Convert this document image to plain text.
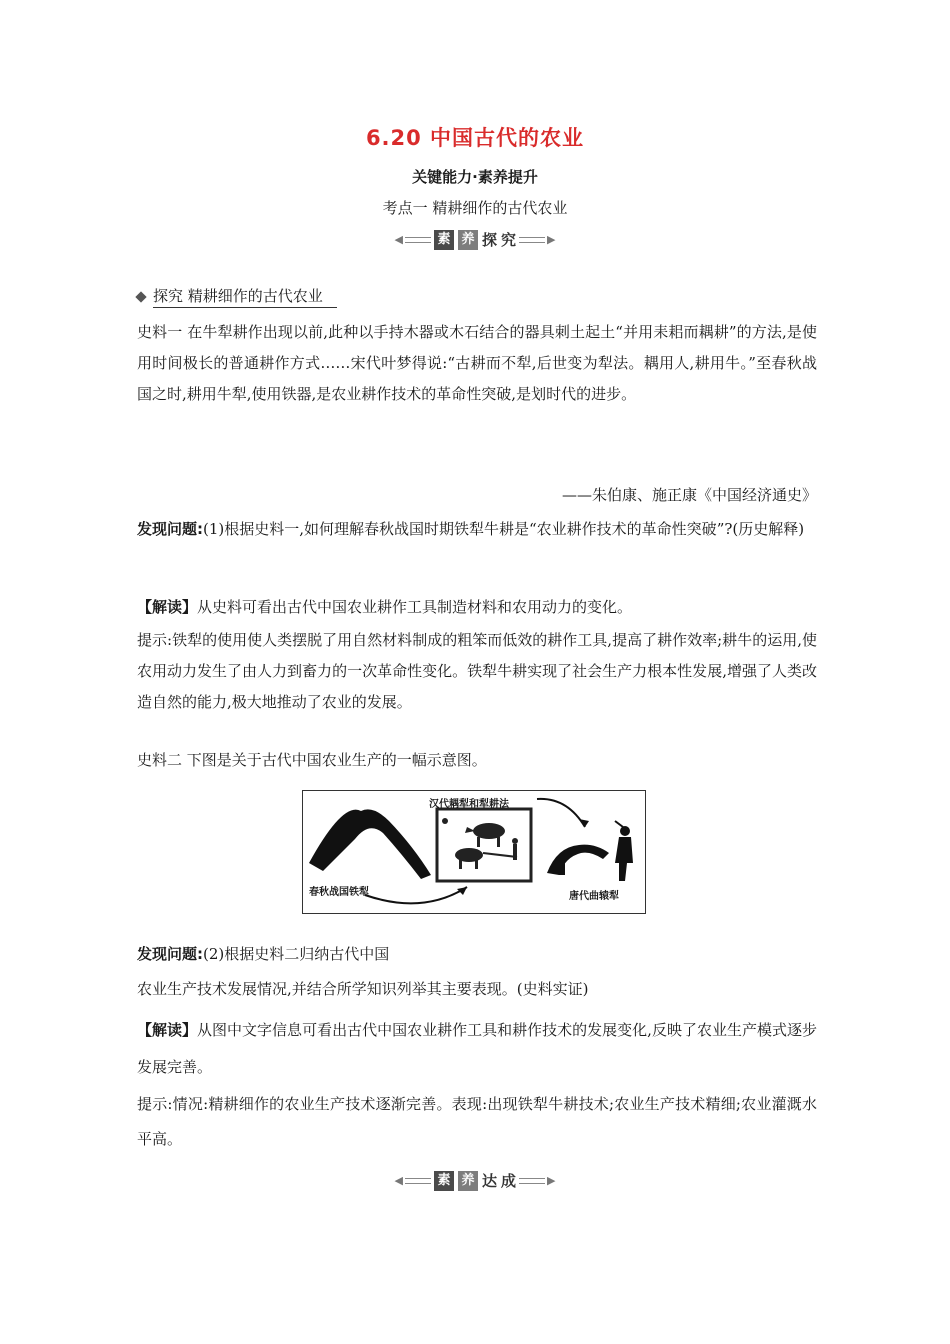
6.20 中国古代的农业
关键能力·素养提升
考点一 精耕细作的古代农业
◀	素 养 探 究	▶
探究 精耕细作的古代农业
史料一 在牛犁耕作出现以前,此种以手持木器或木石结合的器具刺土起土“并用耒耜而耦耕”的方法,是使用时间极长的普通耕作方式……宋代叶梦得说:“古耕而不犁,后世变为犁法。耦用人,耕用牛。”至春秋战国之时,耕用牛犁,使用铁器,是农业耕作技术的革命性突破,是划时代的进步。
——朱伯康、施正康《中国经济通史》
发现问题:(1)根据史料一,如何理解春秋战国时期铁犁牛耕是“农业耕作技术的革命性突破”?(历史解释)
【解读】从史料可看出古代中国农业耕作工具制造材料和农用动力的变化。
提示:铁犁的使用使人类摆脱了用自然材料制成的粗笨而低效的耕作工具,提高了耕作效率;耕牛的运用,使农用动力发生了由人力到畜力的一次革命性变化。铁犁牛耕实现了社会生产力根本性发展,增强了人类改造自然的能力,极大地推动了农业的发展。
史料二 下图是关于古代中国农业生产的一幅示意图。
汉代耦犁和犁耕法
春秋战国铁犁	唐代曲辕犁
发现问题:(2)根据史料二归纳古代中国
农业生产技术发展情况,并结合所学知识列举其主要表现。(史料实证)
【解读】从图中文字信息可看出古代中国农业耕作工具和耕作技术的发展变化,反映了农业生产模式逐步发展完善。
提示:情况:精耕细作的农业生产技术逐渐完善。表现:出现铁犁牛耕技术;农业生产技术精细;农业灌溉水平高。
◀	素 养 达 成	▶
